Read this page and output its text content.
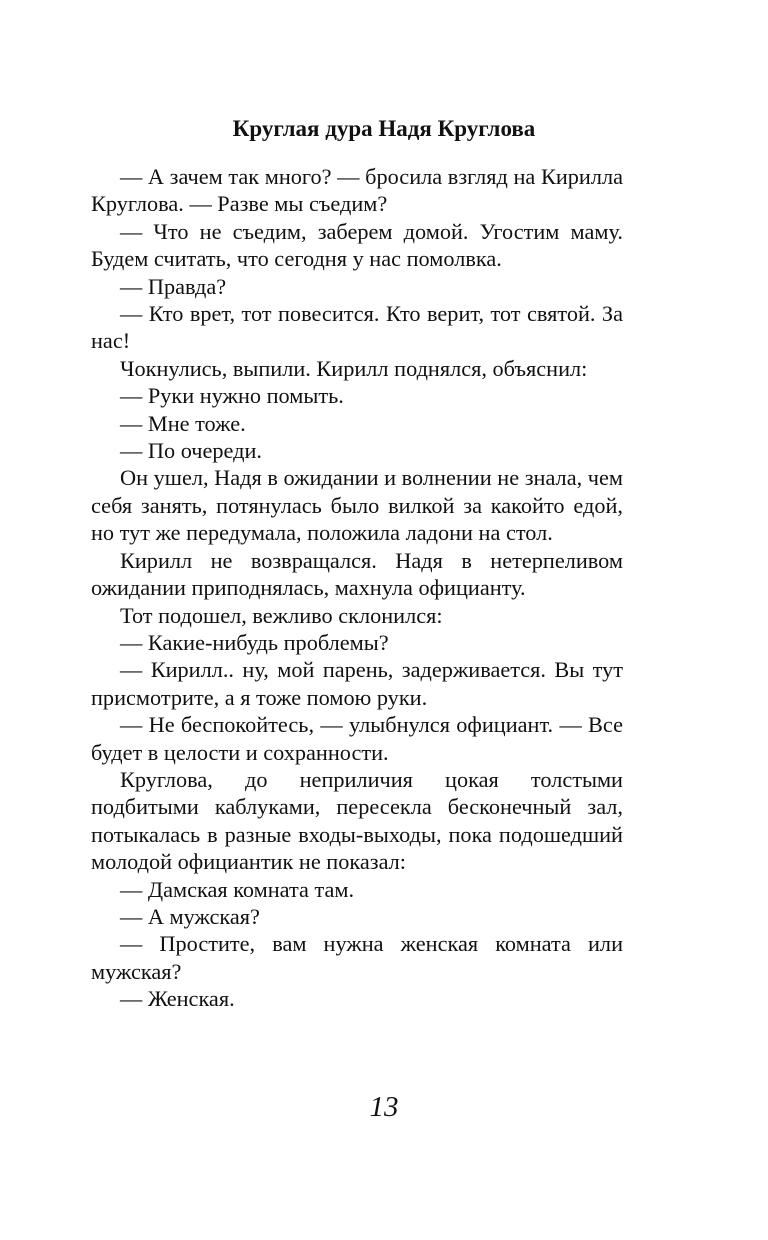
Круглая дура Надя Круглова

— А зачем так много? — бросила взгляд на Кирилла Круглова. — Разве мы съедим?

— Что не съедим, заберем домой. Угостим маму. Будем считать, что сегодня у нас помолвка.

— Правда?

— Кто врет, тот повесится. Кто верит, тот святой. За нас!

Чокнулись, выпили. Кирилл поднялся, объяснил:

— Руки нужно помыть.

— Мне тоже.

— По очереди.

Он ушел, Надя в ожидании и волнении не знала, чем себя занять, потянулась было вилкой за какойто едой, но тут же передумала, положила ладони на стол.

Кирилл не возвращался. Надя в нетерпеливом ожидании приподнялась, махнула официанту.

Тот подошел, вежливо склонился:

— Какие-нибудь проблемы?

— Кирилл.. ну, мой парень, задерживается. Вы тут присмотрите, а я тоже помою руки.

— Не беспокойтесь, — улыбнулся официант. — Все будет в целости и сохранности.

Круглова, до неприличия цокая толстыми подбитыми каблуками, пересекла бесконечный зал, потыкалась в разные входы-выходы, пока подошедший молодой официантик не показал:

— Дамская комната там.

— А мужская?

— Простите, вам нужна женская комната или мужская?

— Женская.

13
